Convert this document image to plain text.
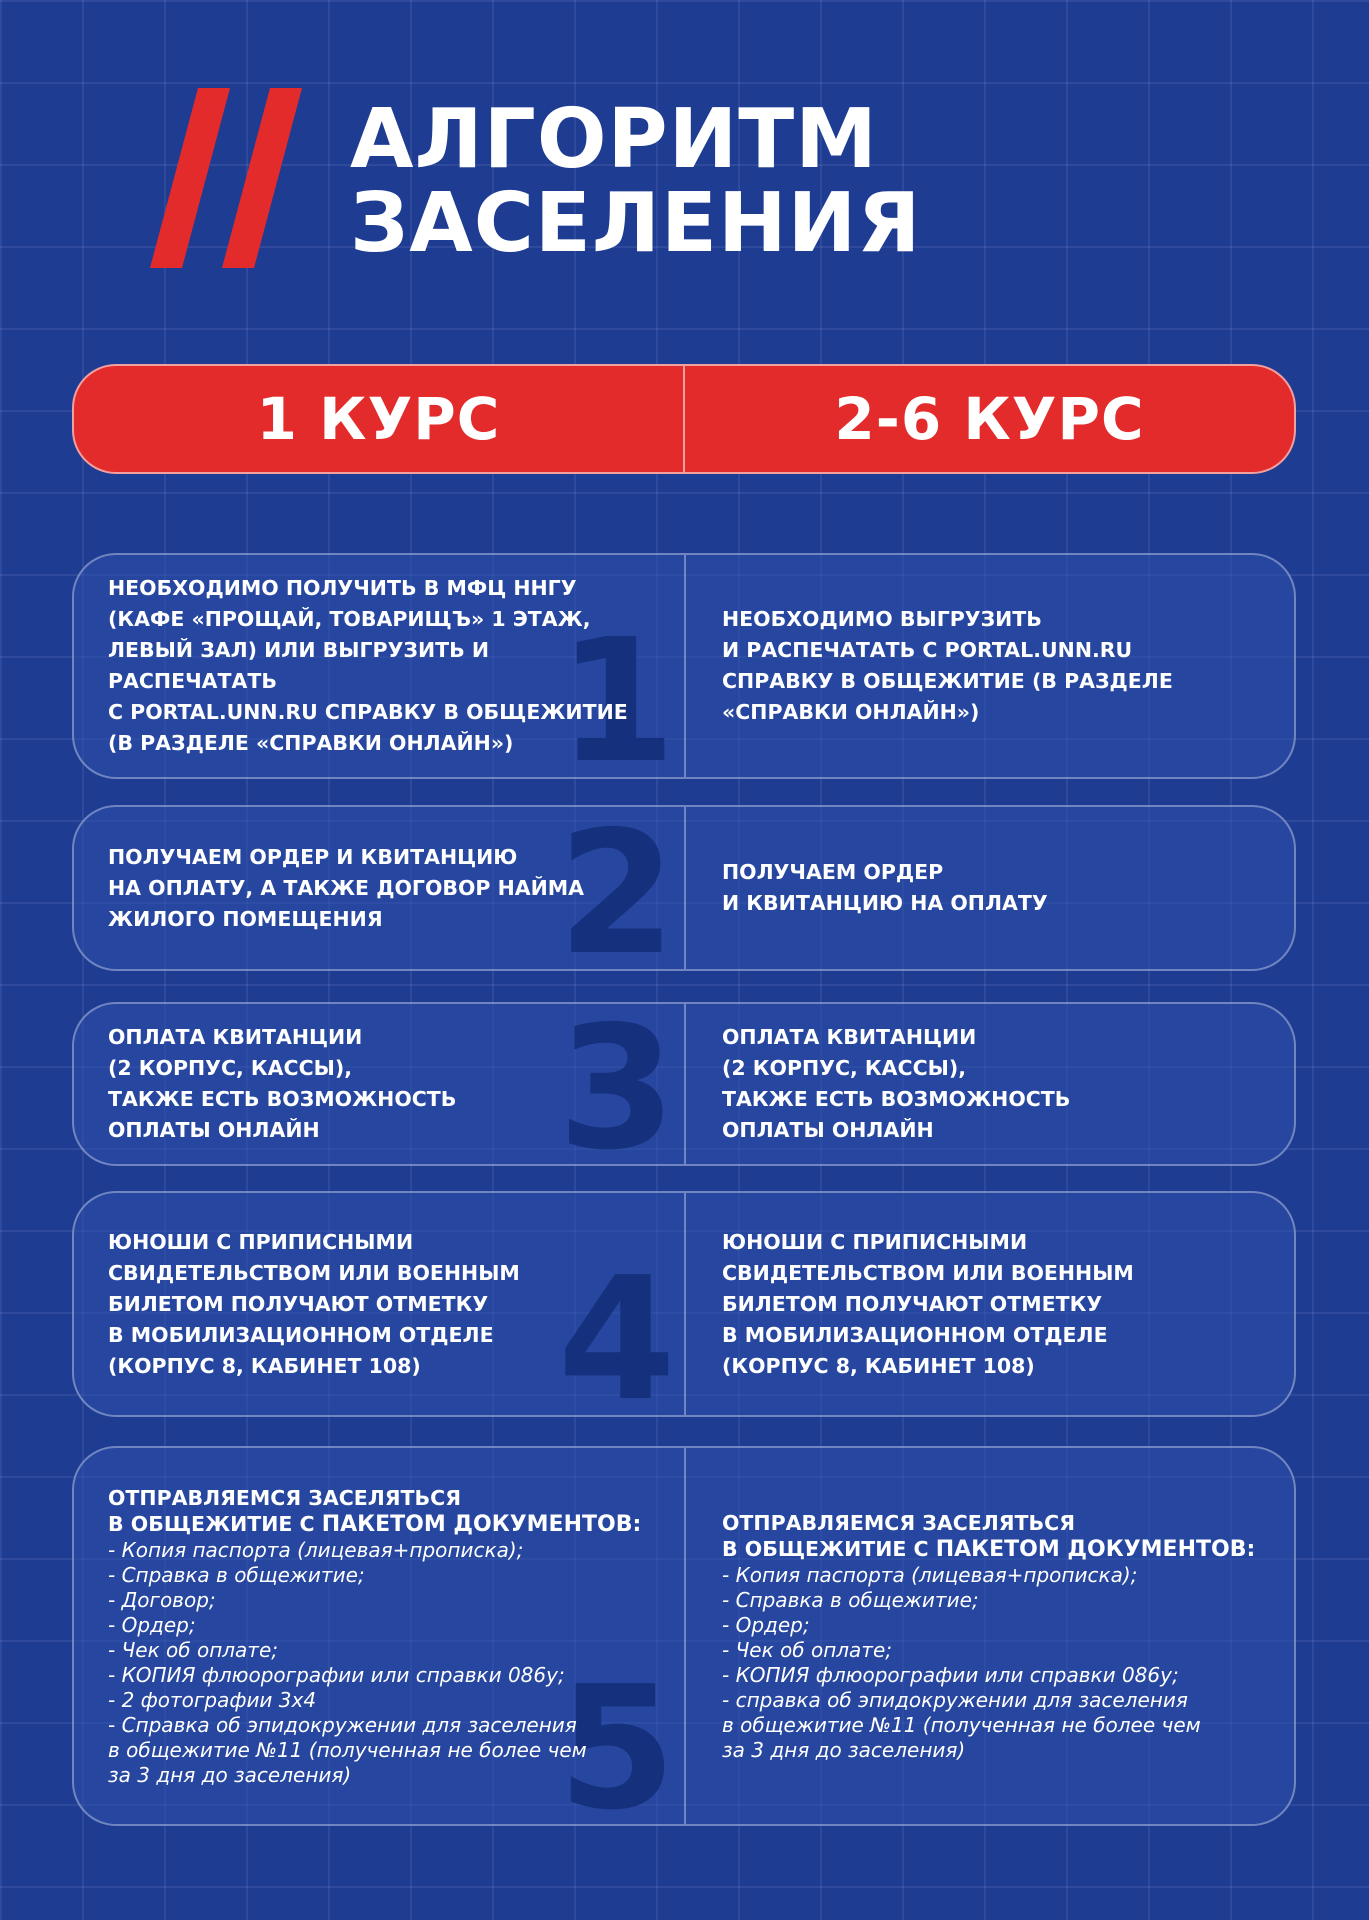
АЛГОРИТМ
ЗАСЕЛЕНИЯ
1 КУРС	2-6 КУРС
1
НЕОБХОДИМО ПОЛУЧИТЬ В МФЦ ННГУ
(КАФЕ «ПРОЩАЙ, ТОВАРИЩЪ» 1 ЭТАЖ,
ЛЕВЫЙ ЗАЛ) ИЛИ ВЫГРУЗИТЬ И РАСПЕЧАТАТЬ
С PORTAL.UNN.RU СПРАВКУ В ОБЩЕЖИТИЕ
(В РАЗДЕЛЕ «СПРАВКИ ОНЛАЙН»)
НЕОБХОДИМО ВЫГРУЗИТЬ
И РАСПЕЧАТАТЬ С PORTAL.UNN.RU
СПРАВКУ В ОБЩЕЖИТИЕ (В РАЗДЕЛЕ
«СПРАВКИ ОНЛАЙН»)
2
ПОЛУЧАЕМ ОРДЕР И КВИТАНЦИЮ
НА ОПЛАТУ, А ТАКЖЕ ДОГОВОР НАЙМА
ЖИЛОГО ПОМЕЩЕНИЯ
ПОЛУЧАЕМ ОРДЕР
И КВИТАНЦИЮ НА ОПЛАТУ
3
ОПЛАТА КВИТАНЦИИ
(2 КОРПУС, КАССЫ),
ТАКЖЕ ЕСТЬ ВОЗМОЖНОСТЬ
ОПЛАТЫ ОНЛАЙН
ОПЛАТА КВИТАНЦИИ
(2 КОРПУС, КАССЫ),
ТАКЖЕ ЕСТЬ ВОЗМОЖНОСТЬ
ОПЛАТЫ ОНЛАЙН
4
ЮНОШИ С ПРИПИСНЫМИ
СВИДЕТЕЛЬСТВОМ ИЛИ ВОЕННЫМ
БИЛЕТОМ ПОЛУЧАЮТ ОТМЕТКУ
В МОБИЛИЗАЦИОННОМ ОТДЕЛЕ
(КОРПУС 8, КАБИНЕТ 108)
ЮНОШИ С ПРИПИСНЫМИ
СВИДЕТЕЛЬСТВОМ ИЛИ ВОЕННЫМ
БИЛЕТОМ ПОЛУЧАЮТ ОТМЕТКУ
В МОБИЛИЗАЦИОННОМ ОТДЕЛЕ
(КОРПУС 8, КАБИНЕТ 108)
5
ОТПРАВЛЯЕМСЯ ЗАСЕЛЯТЬСЯ
В ОБЩЕЖИТИЕ С ПАКЕТОМ ДОКУМЕНТОВ:
- Копия паспорта (лицевая+прописка);
- Справка в общежитие;
- Договор;
- Ордер;
- Чек об оплате;
- КОПИЯ флюорографии или справки 086у;
- 2 фотографии 3х4
- Справка об эпидокружении для заселения
в общежитие №11 (полученная не более чем
за 3 дня до заселения)
ОТПРАВЛЯЕМСЯ ЗАСЕЛЯТЬСЯ
В ОБЩЕЖИТИЕ С ПАКЕТОМ ДОКУМЕНТОВ:
- Копия паспорта (лицевая+прописка);
- Справка в общежитие;
- Ордер;
- Чек об оплате;
- КОПИЯ флюорографии или справки 086у;
- справка об эпидокружении для заселения
в общежитие №11 (полученная не более чем
за 3 дня до заселения)
